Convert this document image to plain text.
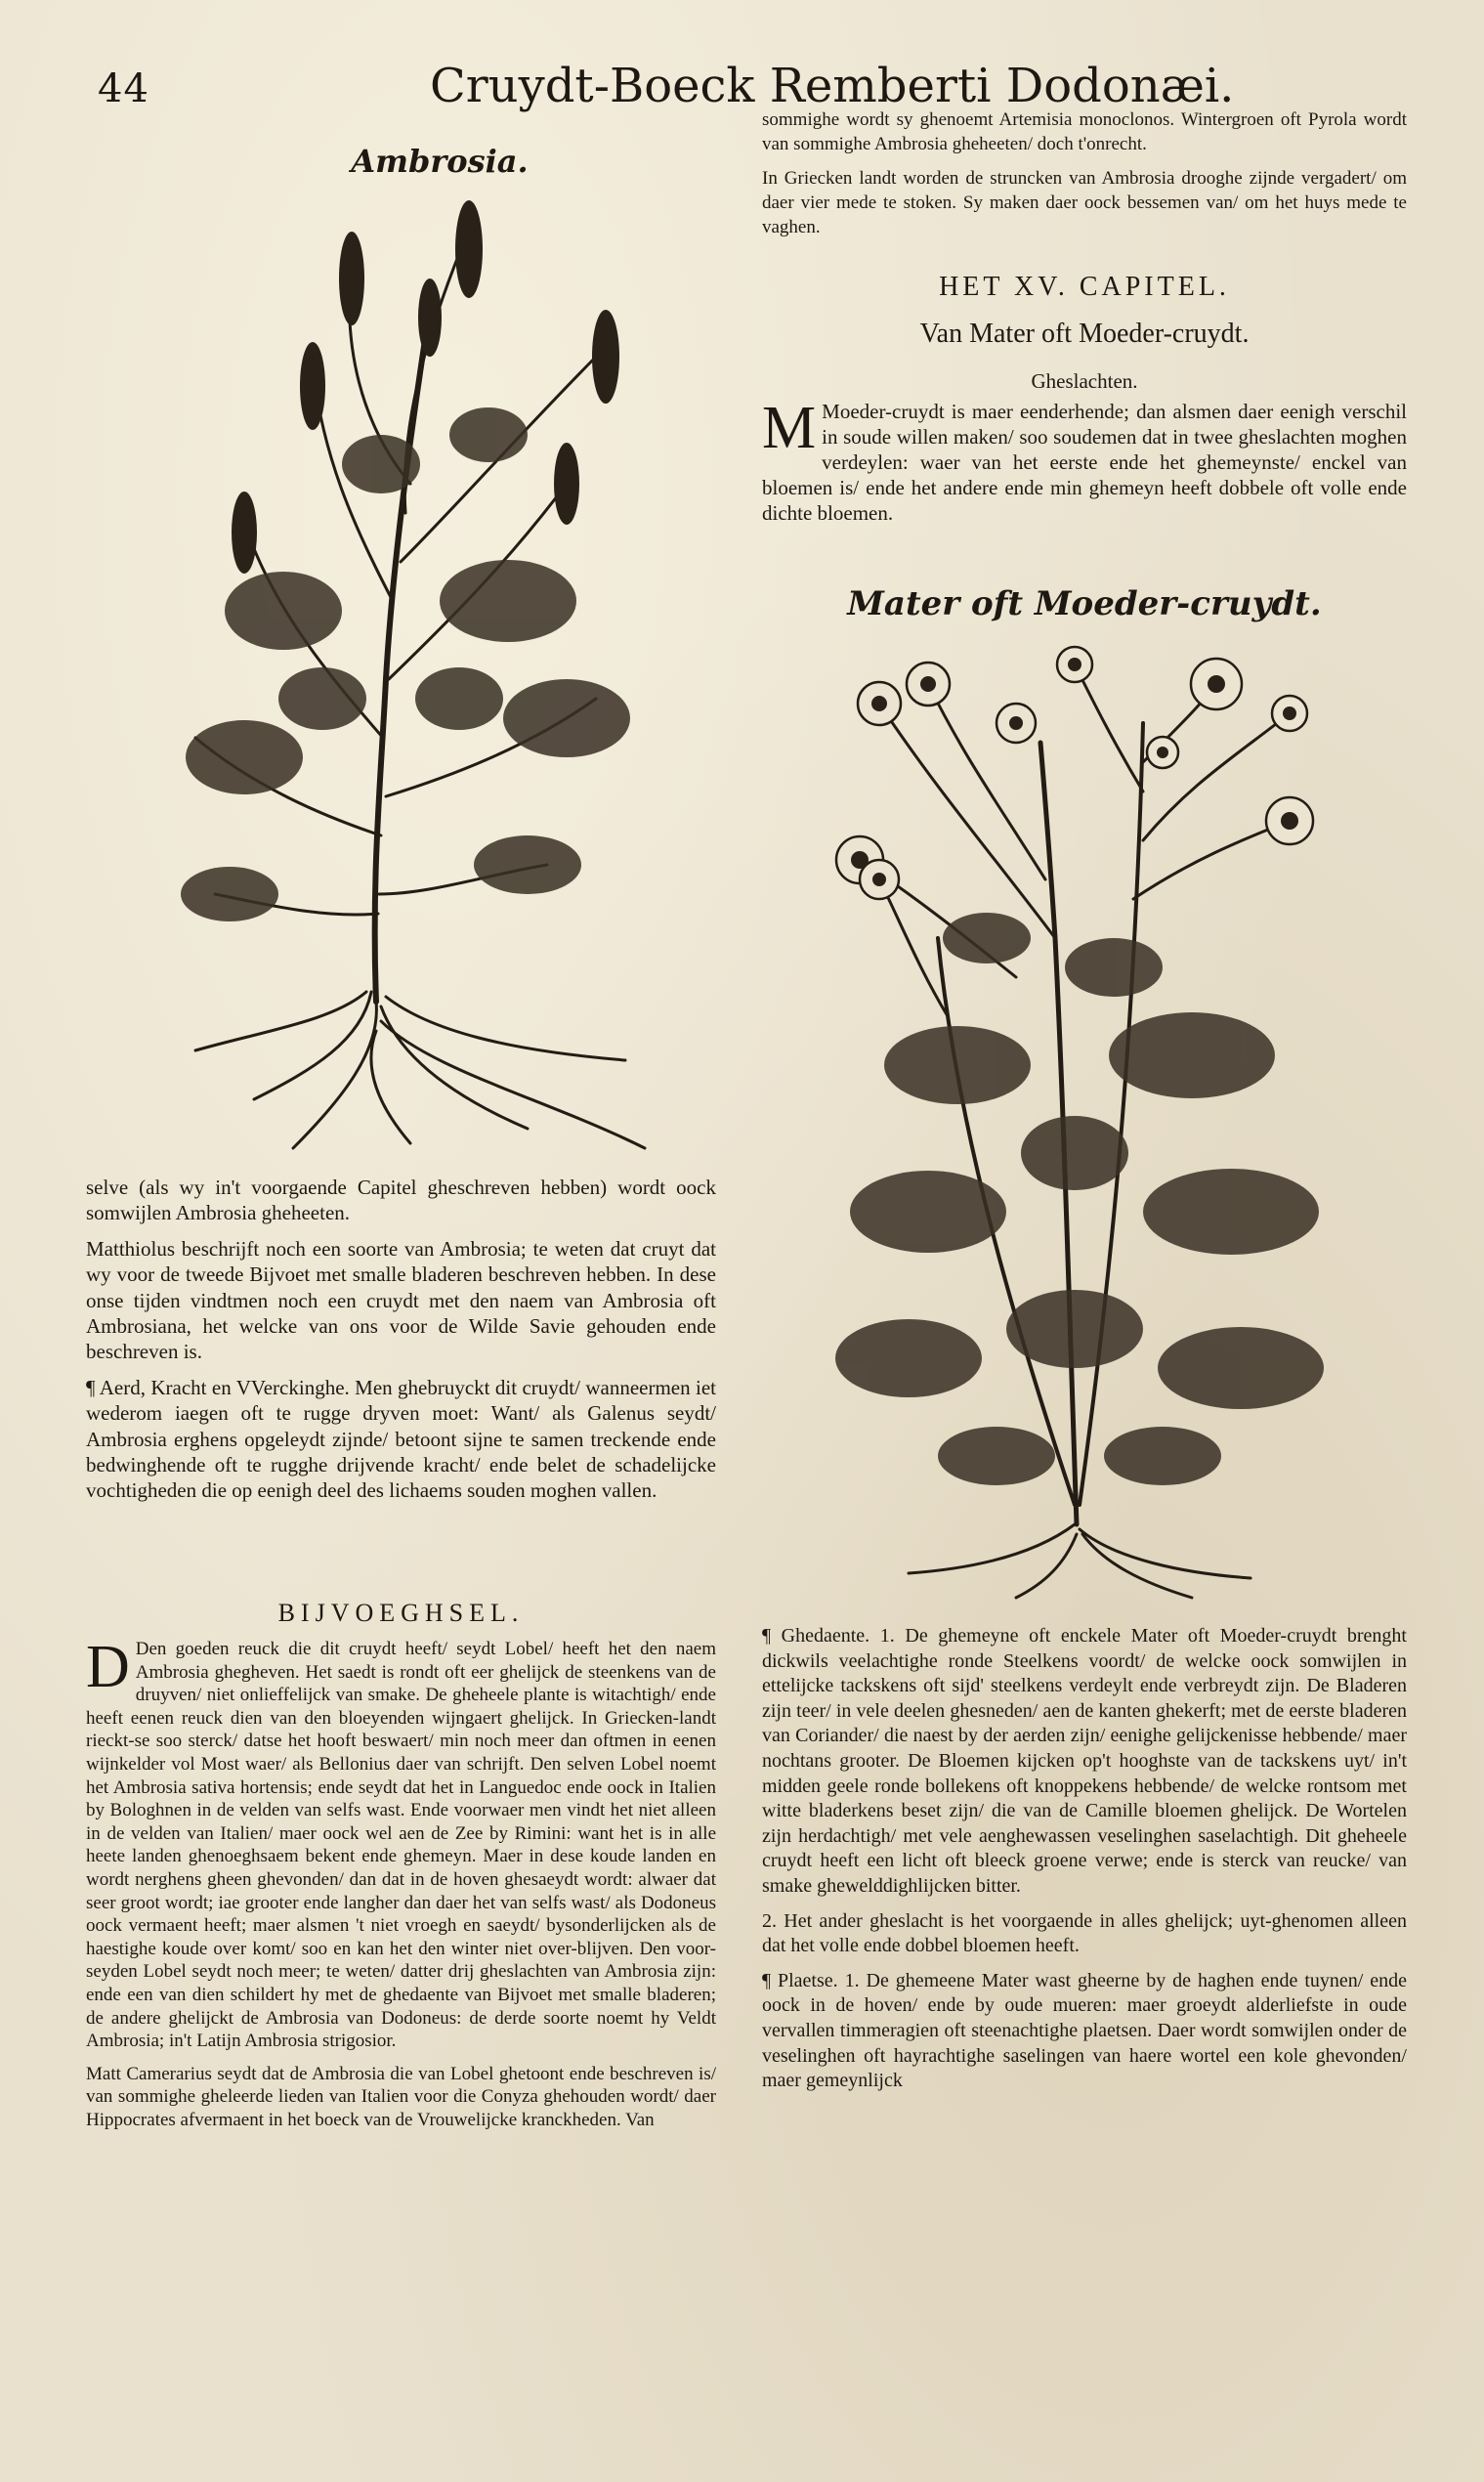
44	Cruydt-Boeck Remberti Dodonæi.
Ambrosia.

selve (als wy in't voorgaende Capitel gheschreven hebben) wordt oock somwijlen Ambrosia gheheeten.

Matthiolus beschrijft noch een soorte van Ambrosia; te weten dat cruyt dat wy voor de tweede Bijvoet met smalle bladeren beschreven hebben. In dese onse tijden vindtmen noch een cruydt met den naem van Ambrosia oft Ambrosiana, het welcke van ons voor de Wilde Savie gehouden ende beschreven is.

¶ Aerd, Kracht en VVerckinghe. Men ghebruyckt dit cruydt/ wanneermen iet wederom iaegen oft te rugge dryven moet: Want/ als Galenus seydt/ Ambrosia erghens opgeleydt zijnde/ betoont sijne te samen treckende ende bedwinghende oft te rugghe drijvende kracht/ ende belet de schadelijcke vochtigheden die op eenigh deel des lichaems souden moghen vallen.

BIJVOEGHSEL.

D Den goeden reuck die dit cruydt heeft/ seydt Lobel/ heeft het den naem Ambrosia ghegheven. Het saedt is rondt oft eer ghelijck de steenkens van de druyven/ niet onlieffelijck van smake. De gheheele plante is witachtigh/ ende heeft eenen reuck dien van den bloeyenden wijngaert ghelijck. In Griecken-landt rieckt-se soo sterck/ datse het hooft beswaert/ min noch meer dan oftmen in eenen wijnkelder vol Most waer/ als Bellonius daer van schrijft. Den selven Lobel noemt het Ambrosia sativa hortensis; ende seydt dat het in Languedoc ende oock in Italien by Bologhnen in de velden van selfs wast. Ende voorwaer men vindt het niet alleen in de velden van Italien/ maer oock wel aen de Zee by Rimini: want het is in alle heete landen ghenoeghsaem bekent ende ghemeyn. Maer in dese koude landen en wordt nerghens gheen ghevonden/ dan dat in de hoven ghesaeydt wordt: alwaer dat seer groot wordt; iae grooter ende langher dan daer het van selfs wast/ als Dodoneus oock vermaent heeft; maer alsmen 't niet vroegh en saeydt/ bysonderlijcken als de haestighe koude over komt/ soo en kan het den winter niet over-blijven. Den voor-seyden Lobel seydt noch meer; te weten/ datter drij gheslachten van Ambrosia zijn: ende een van dien schildert hy met de ghedaente van Bijvoet met smalle bladeren; de andere ghelijckt de Ambrosia van Dodoneus: de derde soorte noemt hy Veldt Ambrosia; in't Latijn Ambrosia strigosior.

Matt Camerarius seydt dat de Ambrosia die van Lobel ghetoont ende beschreven is/ van sommighe gheleerde lieden van Italien voor die Conyza ghehouden wordt/ daer Hippocrates afvermaent in het boeck van de Vrouwelijcke kranckheden. Van

sommighe wordt sy ghenoemt Artemisia monoclonos. Wintergroen oft Pyrola wordt van sommighe Ambrosia gheheeten/ doch t'onrecht.

In Griecken landt worden de struncken van Ambrosia drooghe zijnde vergadert/ om daer vier mede te stoken. Sy maken daer oock bessemen van/ om het huys mede te vaghen.

HET XV. CAPITEL.
Van Mater oft Moeder-cruydt.
Gheslachten.

M Moeder-cruydt is maer eenderhende; dan alsmen daer eenigh verschil in soude willen maken/ soo soudemen dat in twee gheslachten moghen verdeylen: waer van het eerste ende het ghemeynste/ enckel van bloemen is/ ende het andere ende min ghemeyn heeft dobbele oft volle ende dichte bloemen.

Mater oft Moeder-cruydt.

¶ Ghedaente. 1. De ghemeyne oft enckele Mater oft Moeder-cruydt brenght dickwils veelachtighe ronde Steelkens voordt/ de welcke oock somwijlen in ettelijcke tackskens oft sijd' steelkens verdeylt ende verbreydt zijn. De Bladeren zijn teer/ in vele deelen ghesneden/ aen de kanten ghekerft; met de eerste bladeren van Coriander/ die naest by der aerden zijn/ eenighe gelijckenisse hebbende/ maer nochtans grooter. De Bloemen kijcken op't hooghste van de tackskens uyt/ in't midden geele ronde bollekens oft knoppekens hebbende/ de welcke rontsom met witte bladerkens beset zijn/ die van de Camille bloemen ghelijck. De Wortelen zijn herdachtigh/ met vele aenghewassen veselinghen saselachtigh. Dit gheheele cruydt heeft een licht oft bleeck groene verwe; ende is sterck van reucke/ van smake ghewelddighlijcken bitter.

2. Het ander gheslacht is het voorgaende in alles ghelijck; uyt-ghenomen alleen dat het volle ende dobbel bloemen heeft.

¶ Plaetse. 1. De ghemeene Mater wast gheerne by de haghen ende tuynen/ ende oock in de hoven/ ende by oude mueren: maer groeydt alderliefste in oude vervallen timmeragien oft steenachtighe plaetsen. Daer wordt somwijlen onder de veselinghen oft hayrachtighe saselingen van haere wortel een kole ghevonden/ maer gemeynlijck
